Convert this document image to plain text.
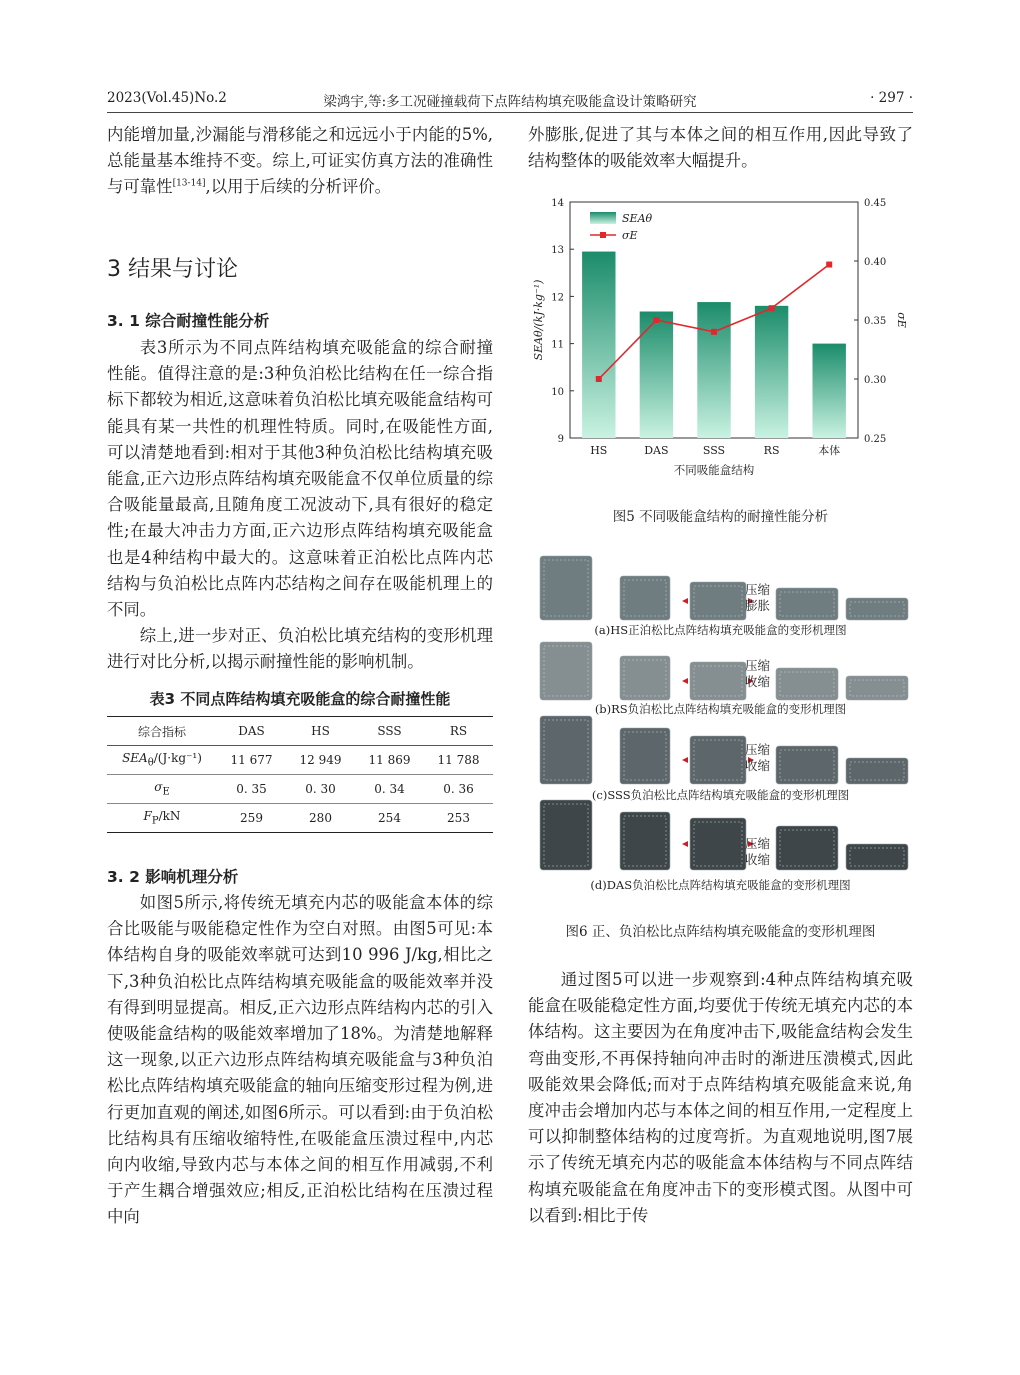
2023(Vol.45)No.2	梁鸿宇,等:多工况碰撞载荷下点阵结构填充吸能盒设计策略研究	· 297 ·

内能增加量,沙漏能与滑移能之和远远小于内能的5%,总能量基本维持不变。综上,可证实仿真方法的准确性与可靠性[13-14],以用于后续的分析评价。

3 结果与讨论
3. 1 综合耐撞性能分析

表3所示为不同点阵结构填充吸能盒的综合耐撞性能。值得注意的是:3种负泊松比结构在任一综合指标下都较为相近,这意味着负泊松比填充吸能盒结构可能具有某一共性的机理性特质。同时,在吸能性方面,可以清楚地看到:相对于其他3种负泊松比结构填充吸能盒,正六边形点阵结构填充吸能盒不仅单位质量的综合吸能量最高,且随角度工况波动下,具有很好的稳定性;在最大冲击力方面,正六边形点阵结构填充吸能盒也是4种结构中最大的。这意味着正泊松比点阵内芯结构与负泊松比点阵内芯结构之间存在吸能机理上的不同。

综上,进一步对正、负泊松比填充结构的变形机理进行对比分析,以揭示耐撞性能的影响机制。

表3 不同点阵结构填充吸能盒的综合耐撞性能
综合指标	DAS	HS	SSS	RS
$SEA_\theta/(J\cdot kg^{-1})$	11 677	12 949	11 869	11 788
$\sigma_E$	0. 35	0. 30	0. 34	0. 36
$F_P/kN$	259	280	254	253
3. 2 影响机理分析

如图5所示,将传统无填充内芯的吸能盒本体的综合比吸能与吸能稳定性作为空白对照。由图5可见:本体结构自身的吸能效率就可达到10 996 J/kg,相比之下,3种负泊松比点阵结构填充吸能盒的吸能效率并没有得到明显提高。相反,正六边形点阵结构内芯的引入使吸能盒结构的吸能效率增加了18%。为清楚地解释这一现象,以正六边形点阵结构填充吸能盒与3种负泊松比点阵结构填充吸能盒的轴向压缩变形过程为例,进行更加直观的阐述,如图6所示。可以看到:由于负泊松比结构具有压缩收缩特性,在吸能盒压溃过程中,内芯向内收缩,导致内芯与本体之间的相互作用减弱,不利于产生耦合增强效应;相反,正泊松比结构在压溃过程中向

外膨胀,促进了其与本体之间的相互作用,因此导致了结构整体的吸能效率大幅提升。

HS	DAS	SSS	RS	本体
9
10
11
12
13
14
0.25
0.30
0.35
0.40
0.45
不同吸能盒结构
SEAθ/(kJ·kg⁻¹)	σE
SEAθ
σE
图5 不同吸能盒结构的耐撞性能分析
(a)HS正泊松比点阵结构填充吸能盒的变形机理图
(b)RS负泊松比点阵结构填充吸能盒的变形机理图
(c)SSS负泊松比点阵结构填充吸能盒的变形机理图
(d)DAS负泊松比点阵结构填充吸能盒的变形机理图
压缩
膨胀
压缩
收缩
压缩
收缩
压缩
收缩
图6 正、负泊松比点阵结构填充吸能盒的变形机理图

通过图5可以进一步观察到:4种点阵结构填充吸能盒在吸能稳定性方面,均要优于传统无填充内芯的本体结构。这主要因为在角度冲击下,吸能盒结构会发生弯曲变形,不再保持轴向冲击时的渐进压溃模式,因此吸能效果会降低;而对于点阵结构填充吸能盒来说,角度冲击会增加内芯与本体之间的相互作用,一定程度上可以抑制整体结构的过度弯折。为直观地说明,图7展示了传统无填充内芯的吸能盒本体结构与不同点阵结构填充吸能盒在角度冲击下的变形模式图。从图中可以看到:相比于传
